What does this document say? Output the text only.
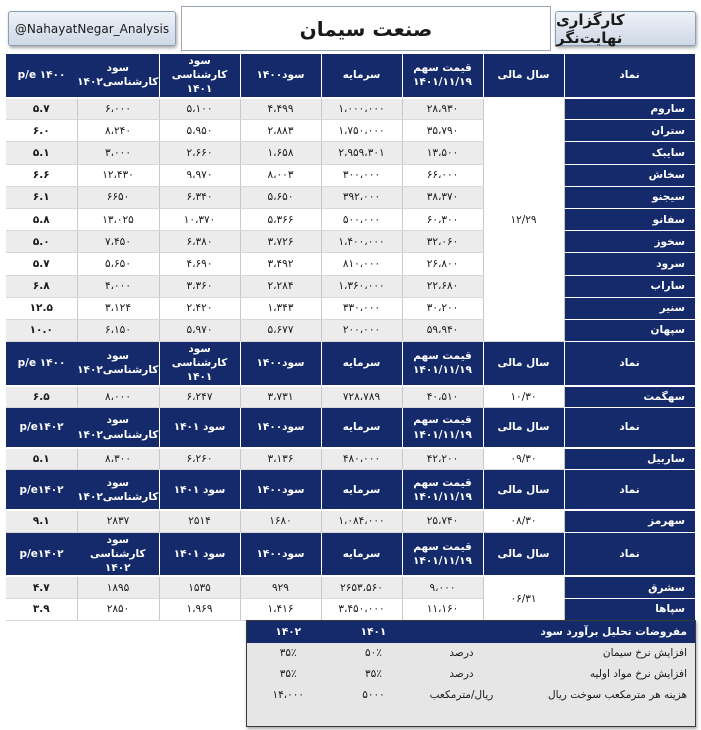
@NahayatNegar_Analysis	صنعت سیمان	کارگزاری نهایت‌نگر
نماد	سال مالی	قیمت سهم ۱۴۰۱/۱۱/۱۹	سرمایه	سود۱۴۰۰	سود کارشناسی ۱۴۰۱	سود کارشناسی۱۴۰۲	p/e ۱۴۰۰
ساروم	۱۲/۲۹	۲۸،۹۳۰	۱،۰۰۰،۰۰۰	۴،۴۹۹	۵،۱۰۰	۶،۰۰۰	۵.۷
ستران		۳۵،۷۹۰	۱،۷۵۰،۰۰۰	۲،۸۸۳	۵،۹۵۰	۸،۲۴۰	۶.۰
سایبک		۱۳،۵۰۰	۲،۹۵۹،۳۰۱	۱،۶۵۸	۲،۶۶۰	۳،۰۰۰	۵.۱
سخاش		۶۶،۰۰۰	۳۰۰،۰۰۰	۸،۰۰۳	۹،۹۷۰	۱۲،۴۳۰	۶.۶
سیجنو		۳۸،۳۷۰	۳۹۲،۰۰۰	۵،۶۵۰	۶،۳۴۰	۶۶۵۰	۶.۱
سفانو		۶۰،۳۰۰	۵۰۰،۰۰۰	۵،۳۶۶	۱۰،۳۷۰	۱۳،۰۲۵	۵.۸
سخوز		۳۲،۰۶۰	۱،۴۰۰،۰۰۰	۳،۷۲۶	۶،۳۸۰	۷،۴۵۰	۵.۰
سرود		۲۶،۸۰۰	۸۱۰،۰۰۰	۳،۴۹۲	۴،۶۹۰	۵،۶۵۰	۵.۷
ساراب		۲۲،۶۸۰	۱،۳۶۰،۰۰۰	۲،۲۸۴	۳،۳۶۰	۴،۰۰۰	۶.۸
سنیر		۳۰،۲۰۰	۳۳۰،۰۰۰	۱،۳۴۳	۲،۴۲۰	۳،۱۲۴	۱۲.۵
سپهان		۵۹،۹۴۰	۲۰۰،۰۰۰	۵،۶۷۷	۵،۹۷۰	۶،۱۵۰	۱۰.۰
نماد	سال مالی	قیمت سهم ۱۴۰۱/۱۱/۱۹	سرمایه	سود۱۴۰۰	سود کارشناسی ۱۴۰۱	سود کارشناسی۱۴۰۲	p/e ۱۴۰۰
سهگمت	۱۰/۳۰	۴۰،۵۱۰	۷۲۸،۷۸۹	۳،۷۳۱	۶،۲۴۷	۸،۰۰۰	۶.۵
نماد	سال مالی	قیمت سهم ۱۴۰۱/۱۱/۱۹	سرمایه	سود۱۴۰۰	سود ۱۴۰۱	سود کارشناسی۱۴۰۲	p/e۱۴۰۲
ساربیل	۰۹/۳۰	۴۲،۲۰۰	۴۸۰،۰۰۰	۳،۱۳۶	۶،۲۶۰	۸،۳۰۰	۵.۱
نماد	سال مالی	قیمت سهم ۱۴۰۱/۱۱/۱۹	سرمایه	سود۱۴۰۰	سود ۱۴۰۱	سود کارشناسی۱۴۰۲	p/e۱۴۰۲
سهرمز	۰۸/۳۰	۲۵،۷۴۰	۱،۰۸۴،۰۰۰	۱۶۸۰	۲۵۱۴	۲۸۳۷	۹.۱
نماد	سال مالی	قیمت سهم ۱۴۰۱/۱۱/۱۹	سرمایه	سود۱۴۰۰	سود ۱۴۰۱	سود کارشناسی ۱۴۰۲	p/e۱۴۰۲
سشرق	۰۶/۳۱	۹،۰۰۰	۲۶۵۳،۵۶۰	۹۲۹	۱۵۳۵	۱۸۹۵	۴.۷
سپاها		۱۱،۱۶۰	۳،۴۵۰،۰۰۰	۱،۴۱۶	۱،۹۶۹	۲۸۵۰	۳.۹
مفروضات تحلیل برآورد سود		۱۴۰۱	۱۴۰۲
افزایش نرخ سیمان	درصد	۵۰٪	۳۵٪
افزایش نرخ مواد اولیه	درصد	۳۵٪	۳۵٪
هزینه هر مترمکعب سوخت ریال	ریال/مترمکعب	۵۰۰۰	۱۴،۰۰۰
